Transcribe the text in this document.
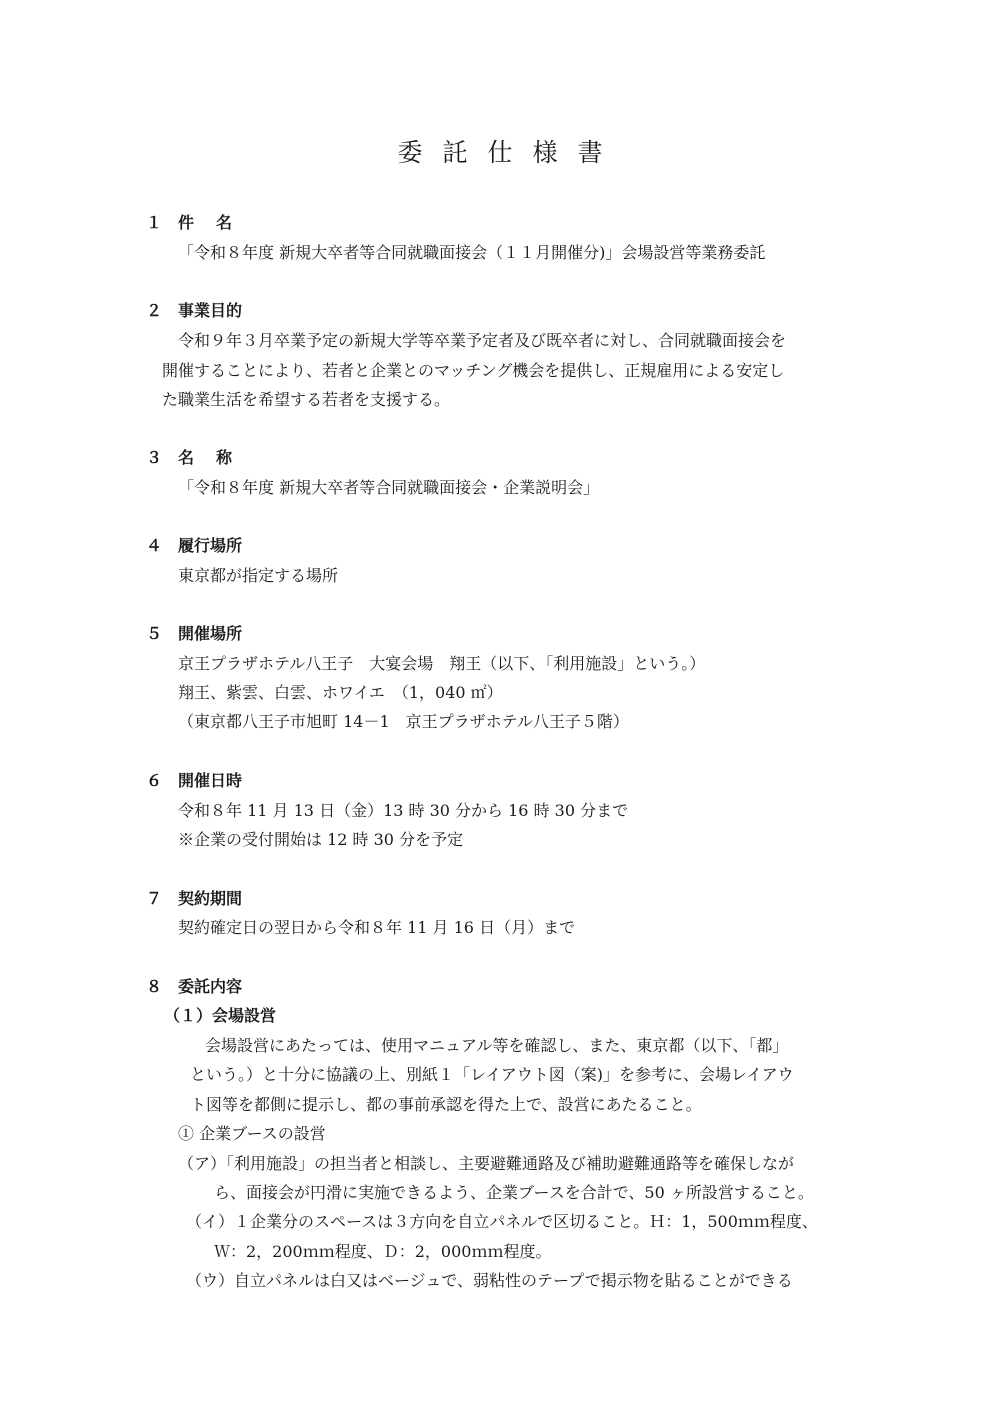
委託仕様書
１ 件名
「令和８年度 新規大卒者等合同就職面接会（１１月開催分)」会場設営等業務委託
２ 事業目的
令和９年３月卒業予定の新規大学等卒業予定者及び既卒者に対し、合同就職面接会を
開催することにより、若者と企業とのマッチング機会を提供し、正規雇用による安定し
た職業生活を希望する若者を支援する。
３ 名称
「令和８年度 新規大卒者等合同就職面接会・企業説明会」
４ 履行場所
東京都が指定する場所
５ 開催場所
京王プラザホテル八王子　大宴会場　翔王（以下、「利用施設」という。）
翔王、紫雲、白雲、ホワイエ　（1，040 ㎡）
（東京都八王子市旭町 14－1　京王プラザホテル八王子５階）
６ 開催日時
令和８年 11 月 13 日（金）13 時 30 分から 16 時 30 分まで
※企業の受付開始は 12 時 30 分を予定
７ 契約期間
契約確定日の翌日から令和８年 11 月 16 日（月）まで
８ 委託内容
（１）会場設営
会場設営にあたっては、使用マニュアル等を確認し、また、東京都（以下、「都」
という。）と十分に協議の上、別紙１「レイアウト図（案)」を参考に、会場レイアウ
ト図等を都側に提示し、都の事前承認を得た上で、設営にあたること。
① 企業ブースの設営
（ア）「利用施設」の担当者と相談し、主要避難通路及び補助避難通路等を確保しなが
ら、面接会が円滑に実施できるよう、企業ブースを合計で、50 ヶ所設営すること。
（イ）１企業分のスペースは３方向を自立パネルで区切ること。Ｈ：1，500ｍｍ程度、
Ｗ：2，200ｍｍ程度、Ｄ：2，000ｍｍ程度。
（ウ）自立パネルは白又はベージュで、弱粘性のテープで掲示物を貼ることができる
